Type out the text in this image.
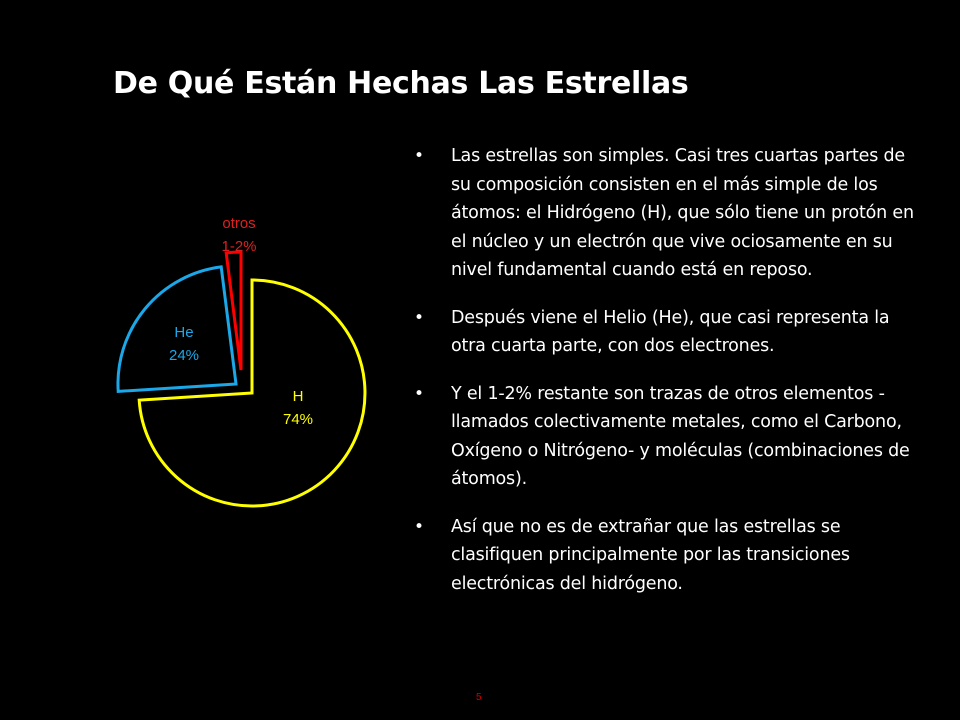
De Qué Están Hechas Las Estrellas
H
74%
He
24%
otros
1-2%
• Las estrellas son simples. Casi tres cuartas partes de su composición consisten en el más simple de los átomos: el Hidrógeno (H), que sólo tiene un protón en el núcleo y un electrón que vive ociosamente en su nivel fundamental cuando está en reposo.
• Después viene el Helio (He), que casi representa la otra cuarta parte, con dos electrones.
• Y el 1-2% restante son trazas de otros elementos -llamados colectivamente metales, como el Carbono, Oxígeno o Nitrógeno- y moléculas (combinaciones de átomos).
• Así que no es de extrañar que las estrellas se clasifiquen principalmente por las transiciones electrónicas del hidrógeno.
5
